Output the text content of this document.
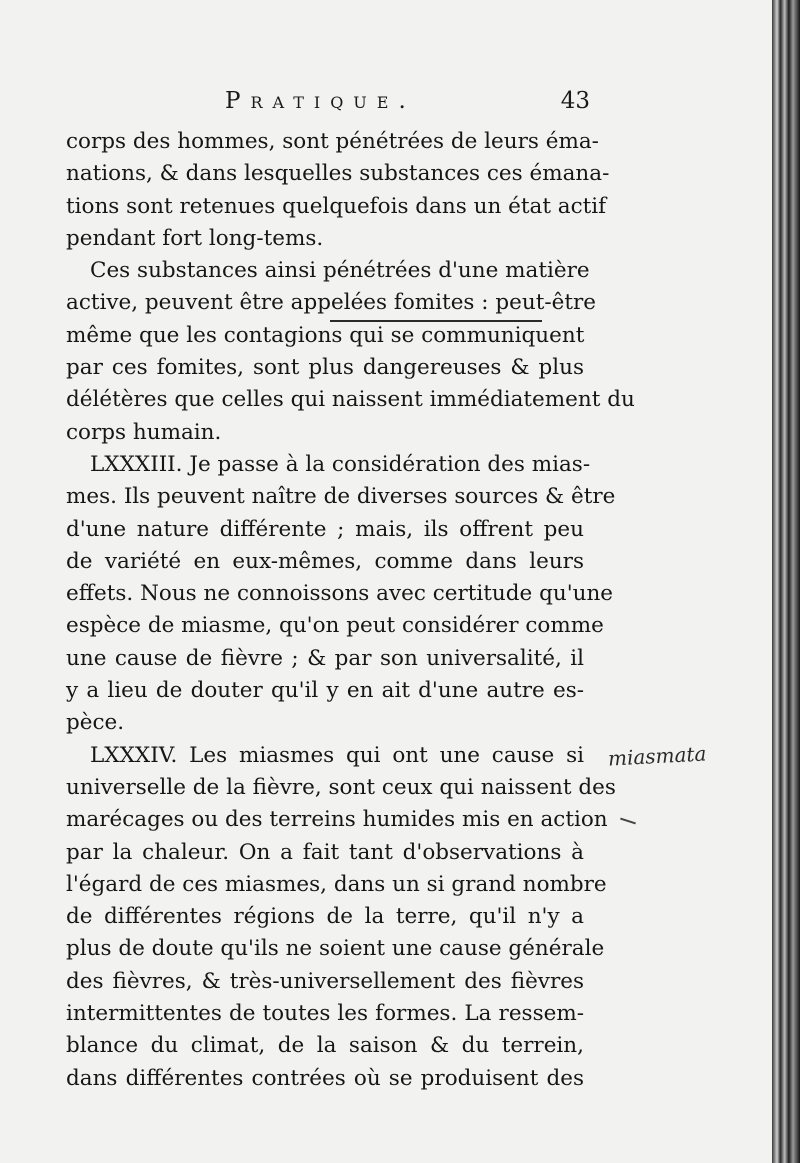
Pratique.	43
corps des hommes, sont pénétrées de leurs éma-
nations, & dans lesquelles substances ces émana-
tions sont retenues quelquefois dans un état actif
pendant fort long-tems.
Ces substances ainsi pénétrées d'une matière
active, peuvent être appelées fomites : peut-être
même que les contagions qui se communiquent
par ces fomites, sont plus dangereuses & plus
délétères que celles qui naissent immédiatement du
corps humain.
LXXXIII. Je passe à la considération des mias-
mes. Ils peuvent naître de diverses sources & être
d'une nature différente ; mais, ils offrent peu
de variété en eux-mêmes, comme dans leurs
effets. Nous ne connoissons avec certitude qu'une
espèce de miasme, qu'on peut considérer comme
une cause de fièvre ; & par son universalité, il
y a lieu de douter qu'il y en ait d'une autre es-
pèce.
LXXXIV. Les miasmes qui ont une cause si
universelle de la fièvre, sont ceux qui naissent des
marécages ou des terreins humides mis en action
par la chaleur. On a fait tant d'observations à
l'égard de ces miasmes, dans un si grand nombre
de différentes régions de la terre, qu'il n'y a
plus de doute qu'ils ne soient une cause générale
des fièvres, & très-universellement des fièvres
intermittentes de toutes les formes. La ressem-
blance du climat, de la saison & du terrein,
dans différentes contrées où se produisent des
miasmata
